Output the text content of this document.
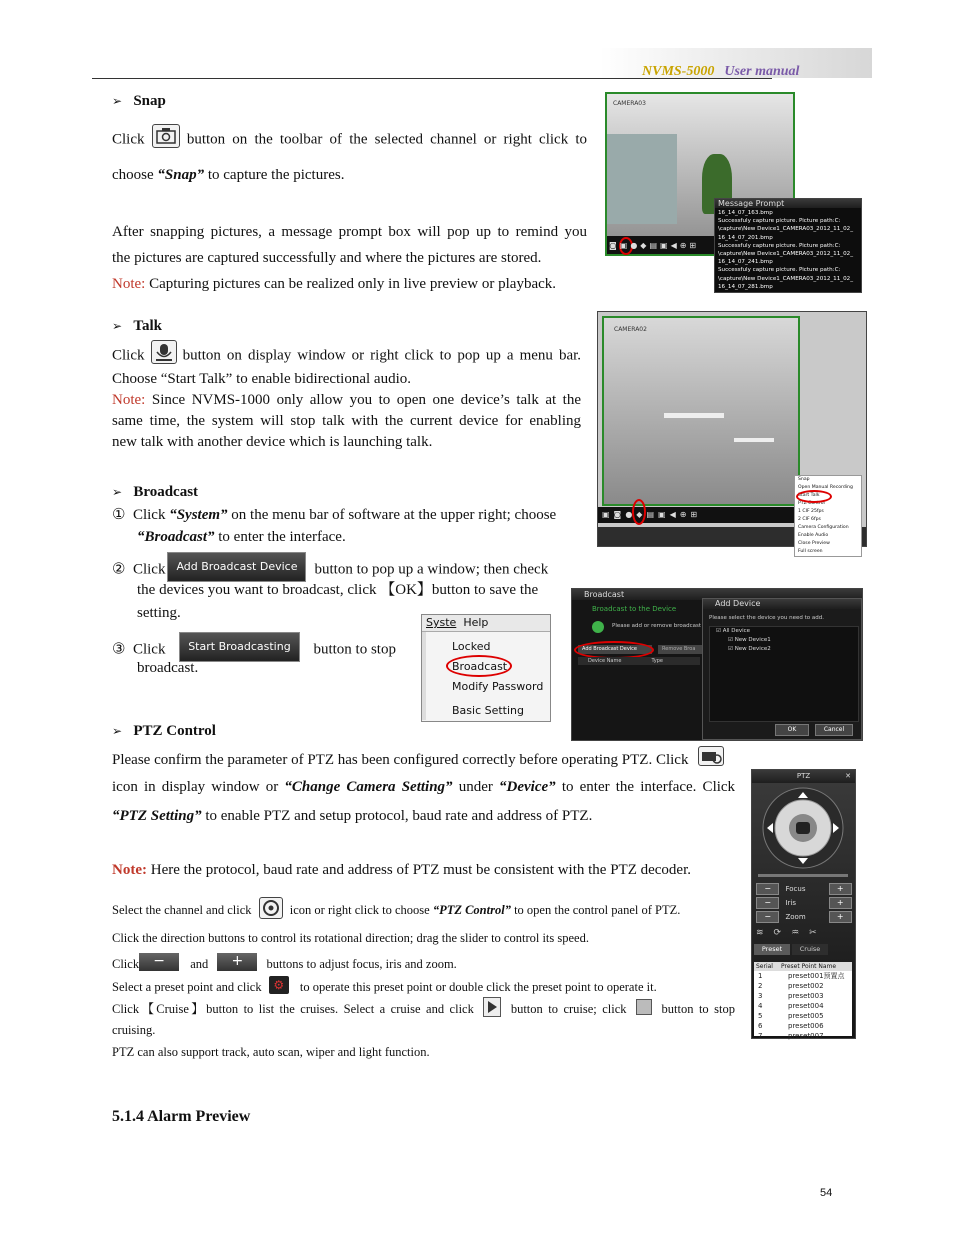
NVMS-5000 User manual
➢ Snap
Click	button on the toolbar of the selected channel or right click to
choose “Snap” to capture the pictures.
After snapping pictures, a message prompt box will pop up to remind you
the pictures are captured successfully and where the pictures are stored.
Note: Capturing pictures can be realized only in live preview or playback.
CAMERA03
◙▣●◆▤▣◀⊕⊞
Message Prompt
16_14_07_163.bmp
Successfuly capture picture. Picture path:C:
\capture\New Device1_CAMERA03_2012_11_02_
16_14_07_201.bmp
Successfuly capture picture. Picture path:C:
\capture\New Device1_CAMERA03_2012_11_02_
16_14_07_241.bmp
Successfuly capture picture. Picture path:C:
\capture\New Device1_CAMERA03_2012_11_02_
16_14_07_281.bmp
➢ Talk
Click	button on display window or right click to pop up a menu bar.
Choose “Start Talk” to enable bidirectional audio.
Note: Since NVMS-1000 only allow you to open one device’s talk at the
same time, the system will stop talk with the current device for enabling
new talk with another device which is launching talk.
CAMERA02
▣◙●◆▤▣◀⊕⊞
Snap
Open Manual Recording
Start Talk
PTZ Control
1 CIF 25fps
2 CIF 6fps
Camera Configuration
Enable Audio
Close Preview
Full screen
➢ Broadcast
① Click “System” on the menu bar of software at the upper right; choose
“Broadcast” to enter the interface.
② Click Add Broadcast Device button to pop up a window; then check
the devices you want to broadcast, click 【OK】button to save the
setting.
③ Click Start Broadcasting button to stop
broadcast.
Syste Help
Locked
Broadcast
Modify Password
Basic Setting
Broadcast
Broadcast to the Device
Please add or remove broadcast
Add Broadcast Device	Remove Broa
Device Name	Type
Add Device
Please select the device you need to add.
☑ All Device
☑ New Device1
☑ New Device2
OK	Cancel
➢ PTZ Control
Please confirm the parameter of PTZ has been configured correctly before operating PTZ. Click
icon in display window or “Change Camera Setting” under “Device” to enter the interface. Click
“PTZ Setting” to enable PTZ and setup protocol, baud rate and address of PTZ.
Note: Here the protocol, baud rate and address of PTZ must be consistent with the PTZ decoder.
Select the channel and click	icon or right click to choose “PTZ Control” to open the control panel of PTZ.
Click the direction buttons to control its rotational direction; drag the slider to control its speed.
Click − and + buttons to adjust focus, iris and zoom.
Select a preset point and click ⚙ to operate this preset point or double click the preset point to operate it.
Click【Cruise】button to list the cruises. Select a cruise and click	button to cruise; click	button to stop
cruising.
PTZ can also support track, auto scan, wiper and light function.
PTZ	✕
−	Focus	+
−	Iris	+
−	Zoom	+
≋⟳♒✂
Preset	Cruise
Serial Preset Point Name
1	preset001预置点
2	preset002
3	preset003
4	preset004
5	preset005
6	preset006
7	preset007
5.1.4 Alarm Preview
54
